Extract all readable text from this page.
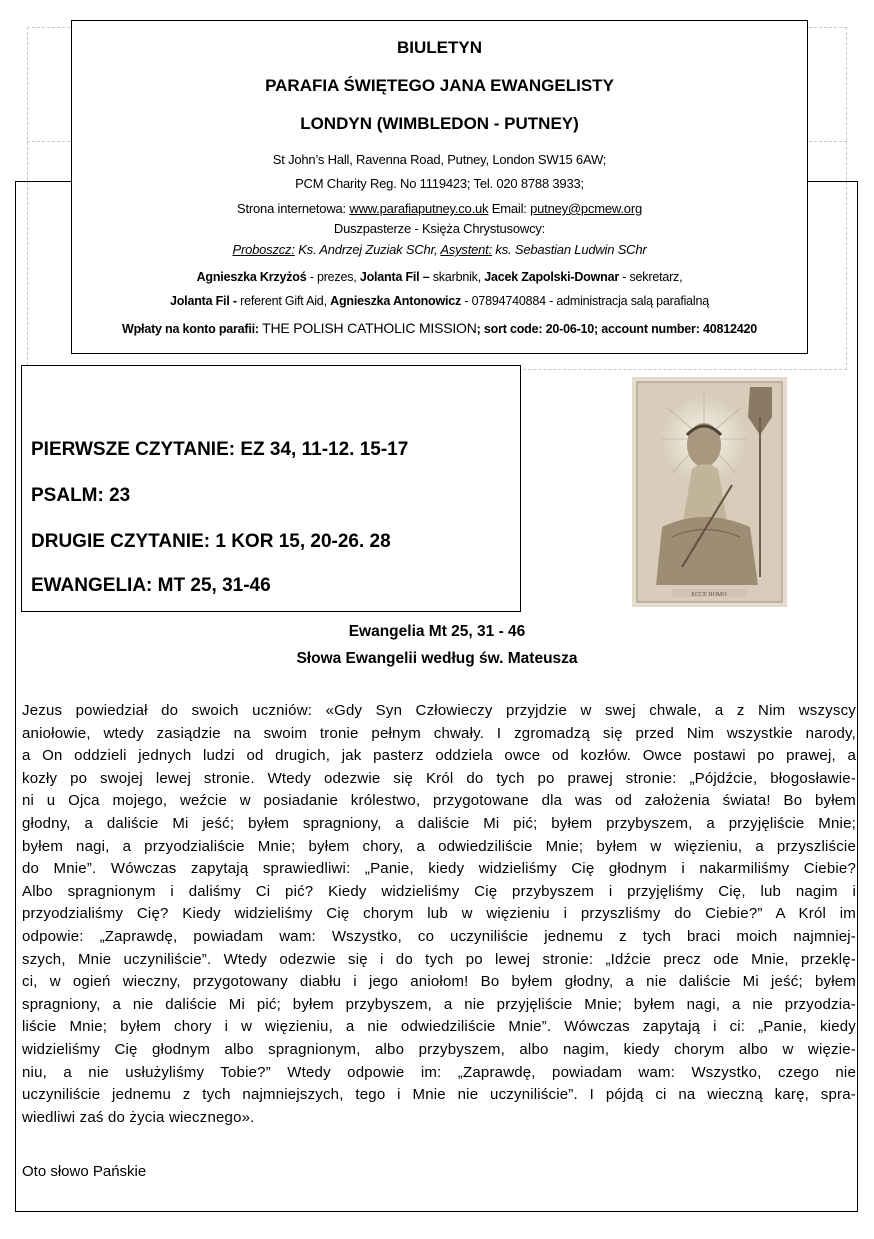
BIULETYN
PARAFIA ŚWIĘTEGO JANA EWANGELISTY
LONDYN (WIMBLEDON - PUTNEY)
St John’s Hall, Ravenna Road, Putney, London SW15 6AW;
PCM Charity Reg. No 1119423; Tel. 020 8788 3933;
Strona internetowa: www.parafiaputney.co.uk Email: putney@pcmew.org
Duszpasterze - Księża Chrystusowcy:
Proboszcz: Ks. Andrzej Zuziak SChr, Asystent: ks. Sebastian Ludwin SChr
Agnieszka Krzyżoś - prezes, Jolanta Fil – skarbnik, Jacek Zapolski-Downar - sekretarz,
Jolanta Fil - referent Gift Aid, Agnieszka Antonowicz - 07894740884 - administracja salą parafialną
Wpłaty na konto parafii: THE POLISH CATHOLIC MISSION; sort code: 20-06-10; account number: 40812420
PIERWSZE CZYTANIE: EZ 34, 11-12. 15-17
PSALM: 23
DRUGIE CZYTANIE: 1 KOR 15, 20-26. 28
EWANGELIA: MT 25, 31-46	ECCE HOMO
Ewangelia Mt 25, 31 - 46
Słowa Ewangelii według św. Mateusza
Jezus powiedział do swoich uczniów: «Gdy Syn Człowieczy przyjdzie w swej chwale, a z Nim wszyscy
aniołowie, wtedy zasiądzie na swoim tronie pełnym chwały. I zgromadzą się przed Nim wszystkie narody,
a On oddzieli jednych ludzi od drugich, jak pasterz oddziela owce od kozłów. Owce postawi po prawej, a
kozły po swojej lewej stronie. Wtedy odezwie się Król do tych po prawej stronie: „Pójdźcie, błogosławie-
ni u Ojca mojego, weźcie w posiadanie królestwo, przygotowane dla was od założenia świata! Bo byłem
głodny, a daliście Mi jeść; byłem spragniony, a daliście Mi pić; byłem przybyszem, a przyjęliście Mnie;
byłem nagi, a przyodzialiście Mnie; byłem chory, a odwiedziliście Mnie; byłem w więzieniu, a przyszliście
do Mnie”. Wówczas zapytają sprawiedliwi: „Panie, kiedy widzieliśmy Cię głodnym i nakarmiliśmy Ciebie?
Albo spragnionym i daliśmy Ci pić? Kiedy widzieliśmy Cię przybyszem i przyjęliśmy Cię, lub nagim i
przyodzialiśmy Cię? Kiedy widzieliśmy Cię chorym lub w więzieniu i przyszliśmy do Ciebie?” A Król im
odpowie: „Zaprawdę, powiadam wam: Wszystko, co uczyniliście jednemu z tych braci moich najmniej-
szych, Mnie uczyniliście”. Wtedy odezwie się i do tych po lewej stronie: „Idźcie precz ode Mnie, przeklę-
ci, w ogień wieczny, przygotowany diabłu i jego aniołom! Bo byłem głodny, a nie daliście Mi jeść; byłem
spragniony, a nie daliście Mi pić; byłem przybyszem, a nie przyjęliście Mnie; byłem nagi, a nie przyodzia-
liście Mnie; byłem chory i w więzieniu, a nie odwiedziliście Mnie”. Wówczas zapytają i ci: „Panie, kiedy
widzieliśmy Cię głodnym albo spragnionym, albo przybyszem, albo nagim, kiedy chorym albo w więzie-
niu, a nie usłużyliśmy Tobie?” Wtedy odpowie im: „Zaprawdę, powiadam wam: Wszystko, czego nie
uczyniliście jednemu z tych najmniejszych, tego i Mnie nie uczyniliście”. I pójdą ci na wieczną karę, spra-
wiedliwi zaś do życia wiecznego».
Oto słowo Pańskie
